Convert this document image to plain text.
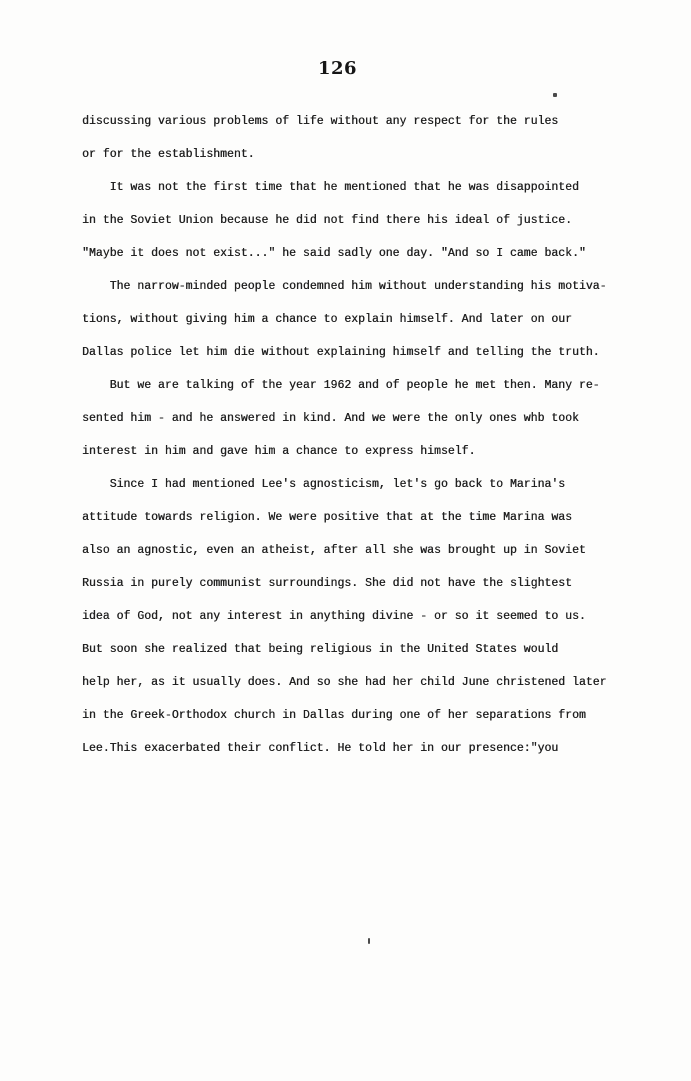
126
discussing various problems of life without any respect for the rules
or for the establishment.
It was not the first time that he mentioned that he was disappointed
in the Soviet Union because he did not find there his ideal of justice.
"Maybe it does not exist..." he said sadly one day. "And so I came back."
The narrow-minded people condemned him without understanding his motiva-
tions, without giving him a chance to explain himself. And later on our
Dallas police let him die without explaining himself and telling the truth.
But we are talking of the year 1962 and of people he met then. Many re-
sented him - and he answered in kind. And we were the only ones whb took
interest in him and gave him a chance to express himself.
Since I had mentioned Lee's agnosticism, let's go back to Marina's
attitude towards religion. We were positive that at the time Marina was
also an agnostic, even an atheist, after all she was brought up in Soviet
Russia in purely communist surroundings. She did not have the slightest
idea of God, not any interest in anything divine - or so it seemed to us.
But soon she realized that being religious in the United States would
help her, as it usually does. And so she had her child June christened later
in the Greek-Orthodox church in Dallas during one of her separations from
Lee.This exacerbated their conflict. He told her in our presence:"you
